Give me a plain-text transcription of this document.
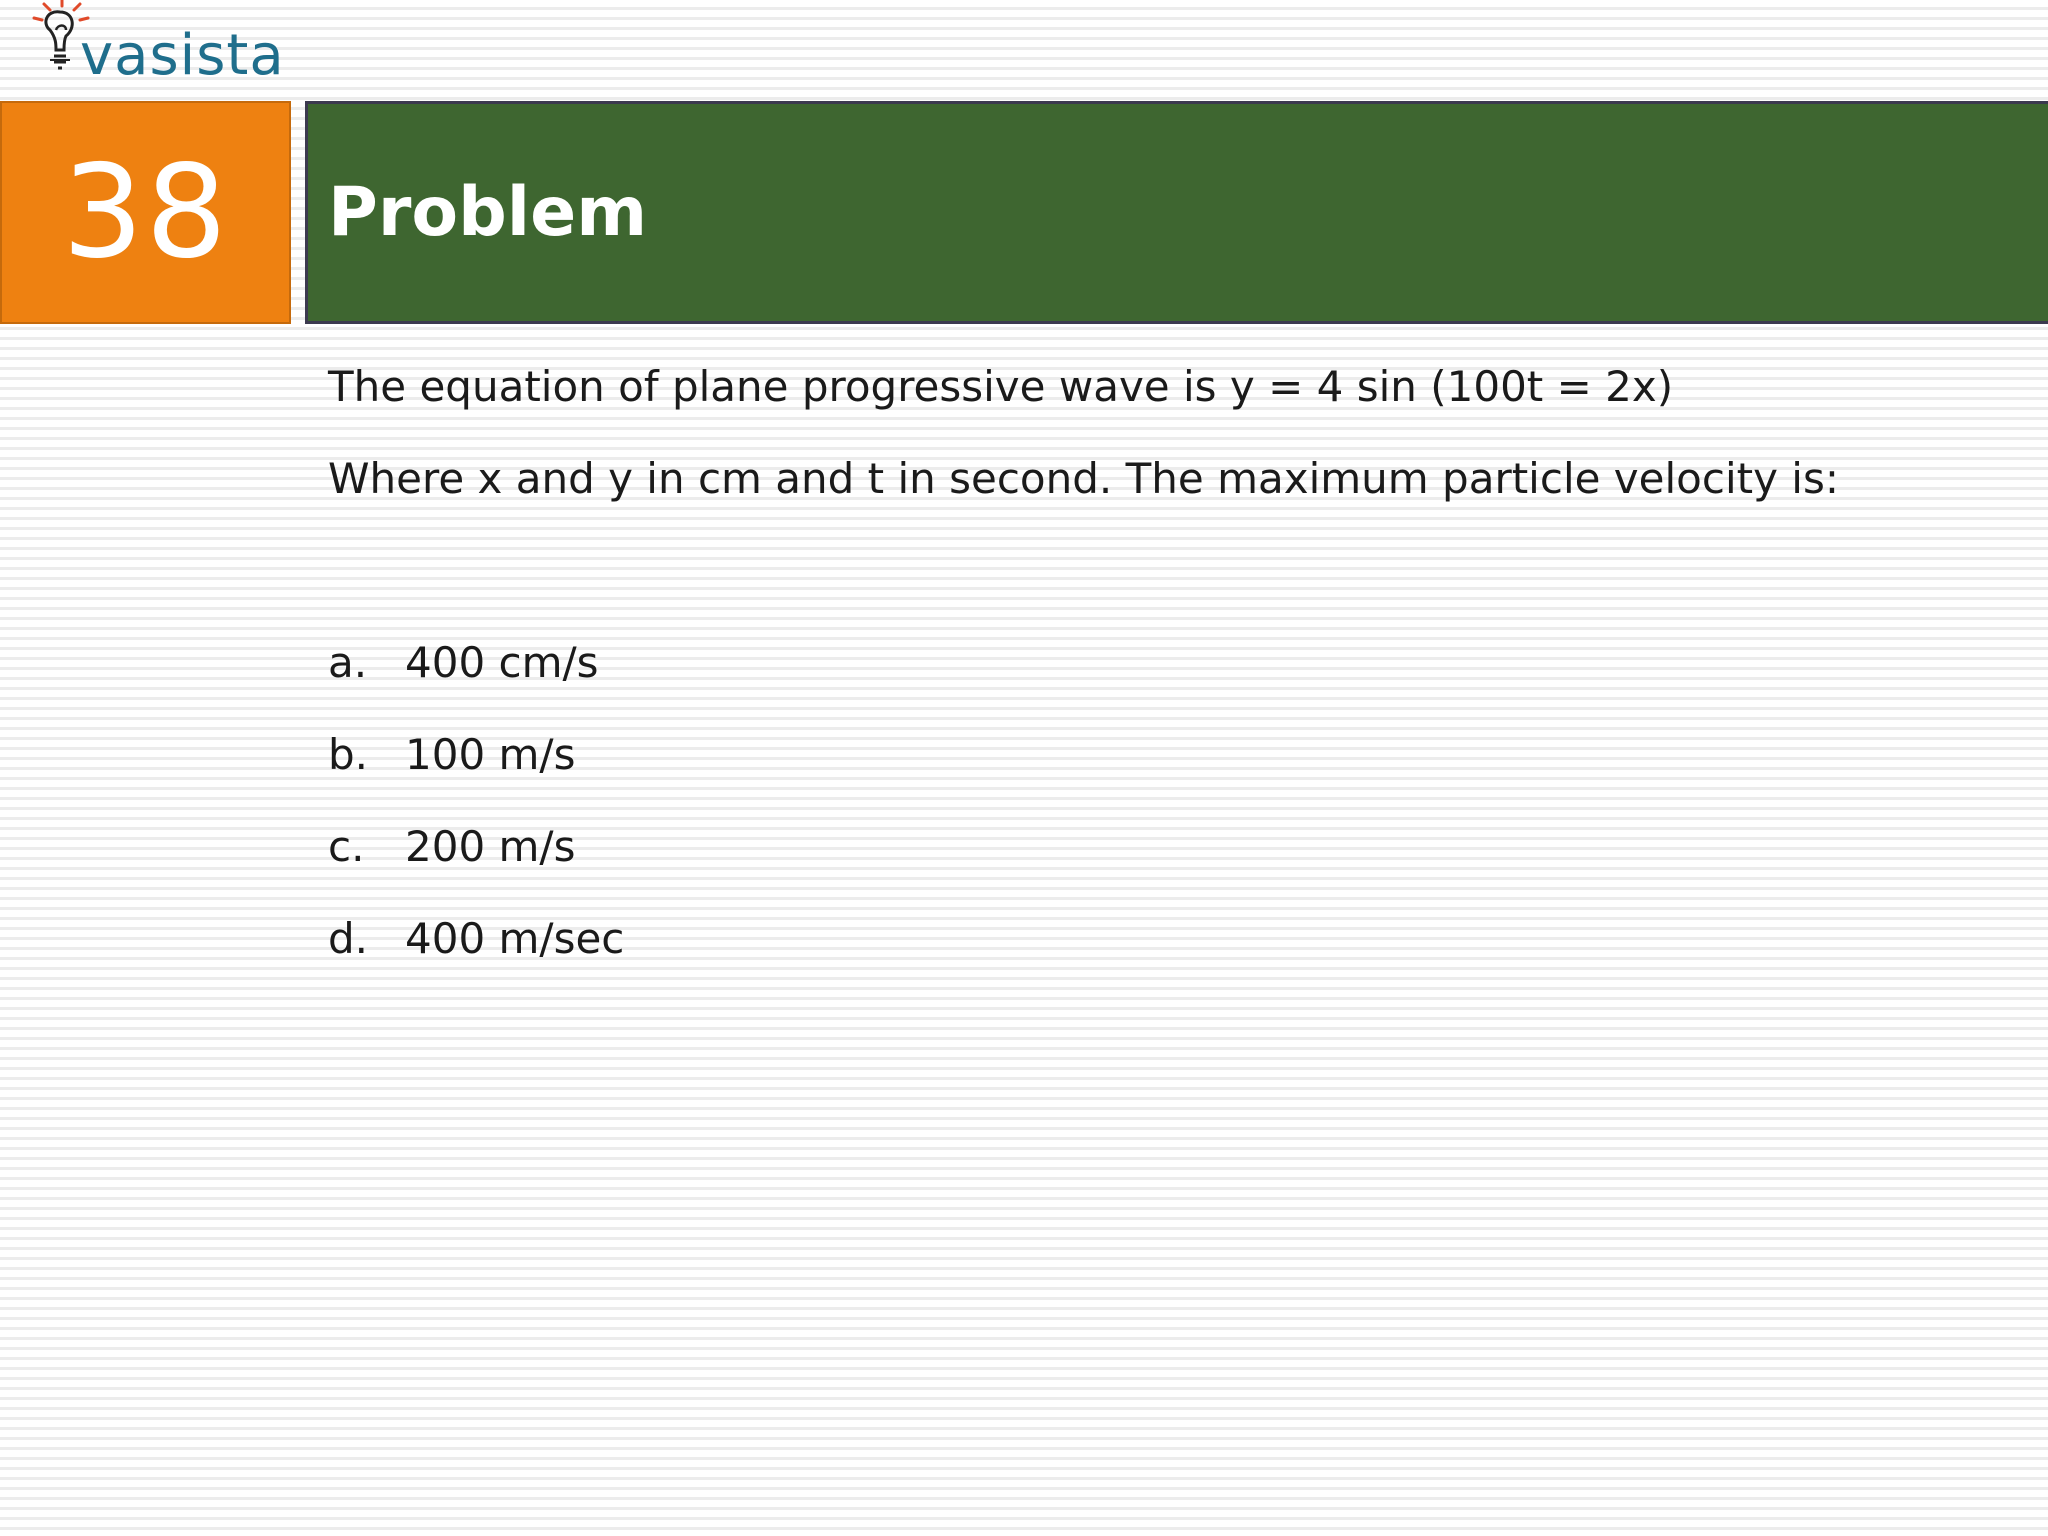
vasista
38 Problem

The equation of plane progressive wave is y = 4 sin (100t = 2x)

Where x and y in cm and t in second. The maximum particle velocity is:

a. 400 cm/s
b. 100 m/s
c. 200 m/s
d. 400 m/sec
